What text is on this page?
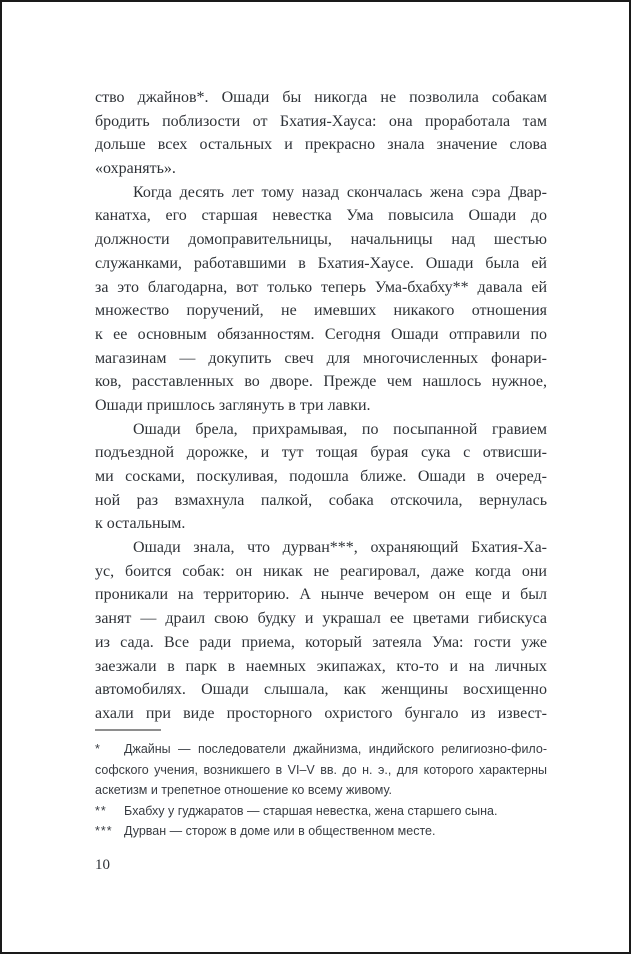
ство джайнов*. Ошади бы никогда не позволила собакам
бродить поблизости от Бхатия-Хауса: она проработала там
дольше всех остальных и прекрасно знала значение слова
«охранять».
Когда десять лет тому назад скончалась жена сэра Двар-
канатха, его старшая невестка Ума повысила Ошади до
должности домоправительницы, начальницы над шестью
служанками, работавшими в Бхатия-Хаусе. Ошади была ей
за это благодарна, вот только теперь Ума-бхабху** давала ей
множество поручений, не имевших никакого отношения
к ее основным обязанностям. Сегодня Ошади отправили по
магазинам — докупить свеч для многочисленных фонари-
ков, расставленных во дворе. Прежде чем нашлось нужное,
Ошади пришлось заглянуть в три лавки.
Ошади брела, прихрамывая, по посыпанной гравием
подъездной дорожке, и тут тощая бурая сука с отвисши-
ми сосками, поскуливая, подошла ближе. Ошади в очеред-
ной раз взмахнула палкой, собака отскочила, вернулась
к остальным.
Ошади знала, что дурван***, охраняющий Бхатия-Ха-
ус, боится собак: он никак не реагировал, даже когда они
проникали на территорию. А нынче вечером он еще и был
занят — драил свою будку и украшал ее цветами гибискуса
из сада. Все ради приема, который затеяла Ума: гости уже
заезжали в парк в наемных экипажах, кто-то и на личных
автомобилях. Ошади слышала, как женщины восхищенно
ахали при виде просторного охристого бунгало из извест-
* Джайны — последователи джайнизма, индийского религиозно-фило-
софского учения, возникшего в VI–V вв. до н. э., для которого характерны
аскетизм и трепетное отношение ко всему живому.
** Бхабху у гуджаратов — старшая невестка, жена старшего сына.
*** Дурван — сторож в доме или в общественном месте.
10
